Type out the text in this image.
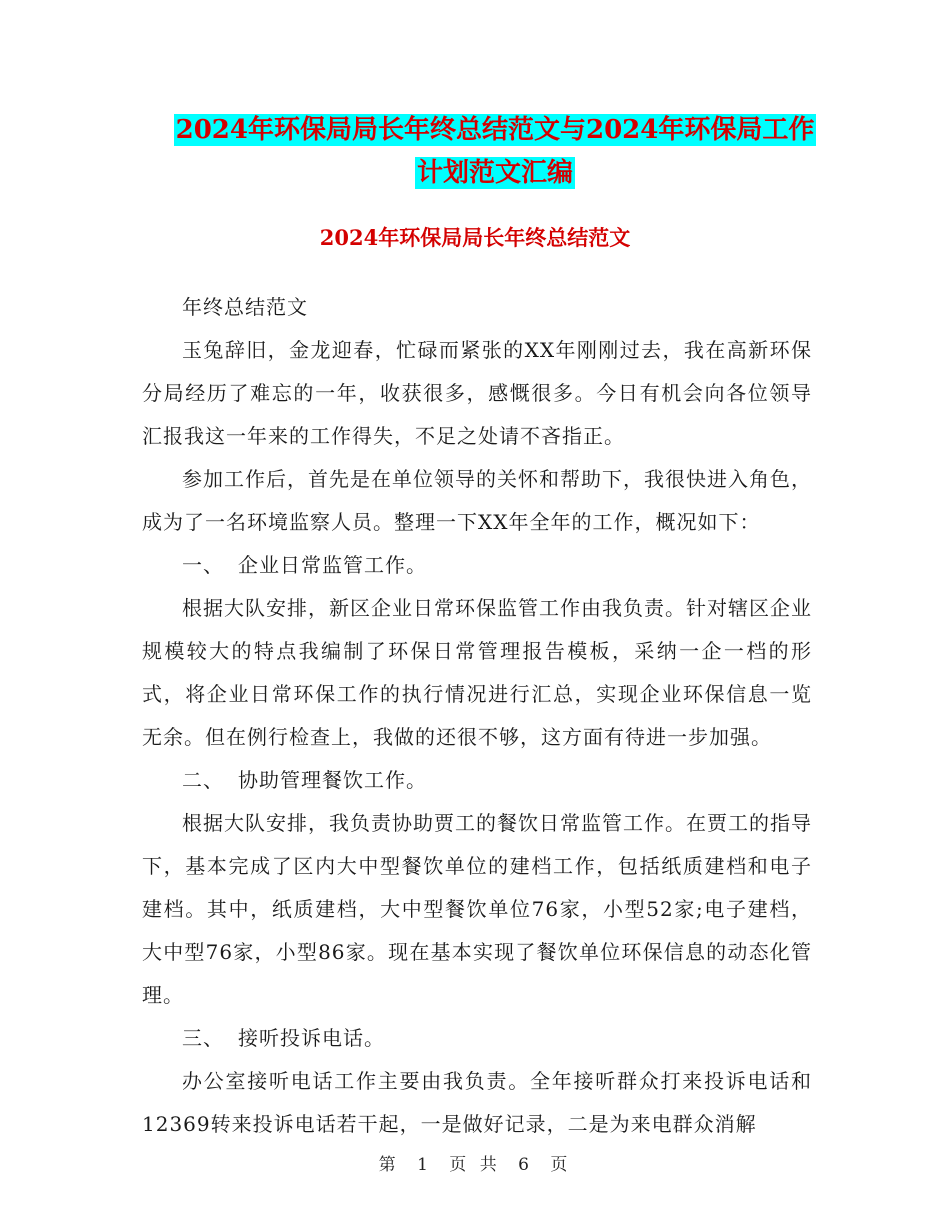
2024年环保局局长年终总结范文与2024年环保局工作
计划范文汇编
2024年环保局局长年终总结范文

年终总结范文

玉兔辞旧，金龙迎春，忙碌而紧张的XX年刚刚过去，我在高新环保分局经历了难忘的一年，收获很多，感慨很多。今日有机会向各位领导汇报我这一年来的工作得失，不足之处请不吝指正。

参加工作后，首先是在单位领导的关怀和帮助下，我很快进入角色，成为了一名环境监察人员。整理一下XX年全年的工作，概况如下：

一、 企业日常监管工作。

根据大队安排，新区企业日常环保监管工作由我负责。针对辖区企业规模较大的特点我编制了环保日常管理报告模板，采纳一企一档的形式，将企业日常环保工作的执行情况进行汇总，实现企业环保信息一览无余。但在例行检查上，我做的还很不够，这方面有待进一步加强。

二、 协助管理餐饮工作。

根据大队安排，我负责协助贾工的餐饮日常监管工作。在贾工的指导下，基本完成了区内大中型餐饮单位的建档工作，包括纸质建档和电子建档。其中，纸质建档，大中型餐饮单位76家，小型52家;电子建档，大中型76家，小型86家。现在基本实现了餐饮单位环保信息的动态化管理。

三、 接听投诉电话。

办公室接听电话工作主要由我负责。全年接听群众打来投诉电话和12369转来投诉电话若干起，一是做好记录，二是为来电群众消解

第 1 页 共 6 页
